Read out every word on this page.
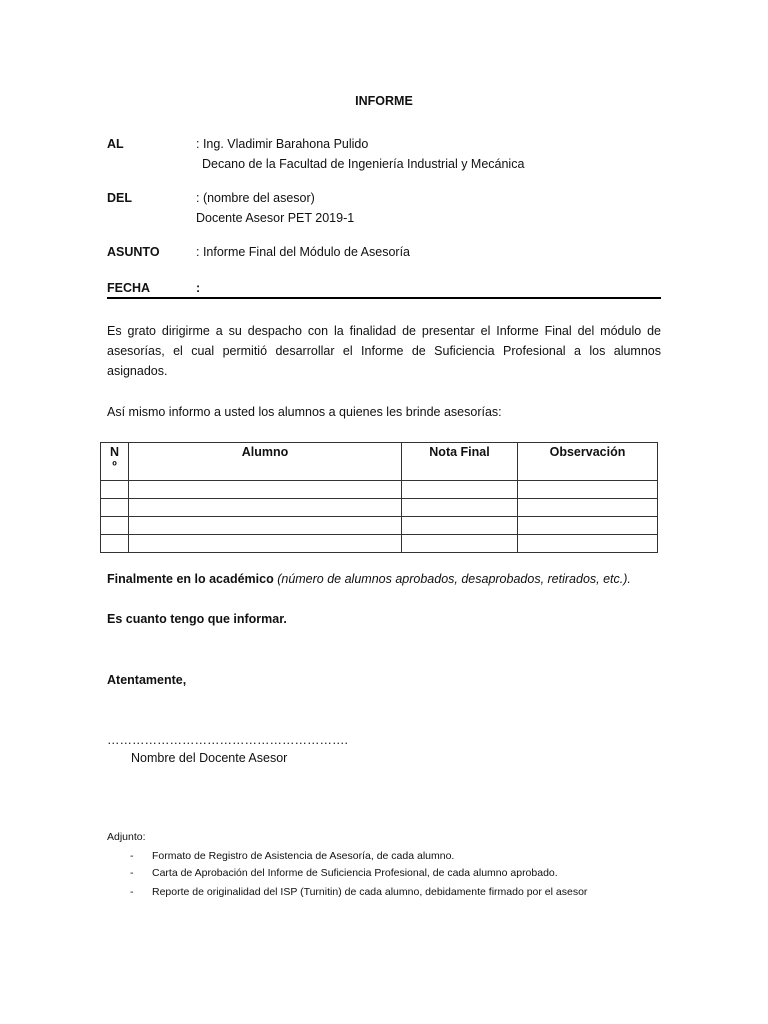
INFORME
AL	: Ing. Vladimir Barahona Pulido
Decano de la Facultad de Ingeniería Industrial y Mecánica
DEL	: (nombre del asesor)
Docente Asesor PET 2019-1
ASUNTO	: Informe Final del Módulo de Asesoría
FECHA	:
Es grato dirigirme a su despacho con la finalidad de presentar el Informe Final del módulo de asesorías, el cual permitió desarrollar el Informe de Suficiencia Profesional a los alumnos asignados.
Así mismo informo a usted los alumnos a quienes les brinde asesorías:
N
º	Alumno	Nota Final	Observación

Finalmente en lo académico (número de alumnos aprobados, desaprobados, retirados, etc.).
Es cuanto tengo que informar.
Atentamente,
………………………………………………….
Nombre del Docente Asesor
Adjunto:
- Formato de Registro de Asistencia de Asesoría, de cada alumno.
- Carta de Aprobación del Informe de Suficiencia Profesional, de cada alumno aprobado.
- Reporte de originalidad del ISP (Turnitin) de cada alumno, debidamente firmado por el asesor
